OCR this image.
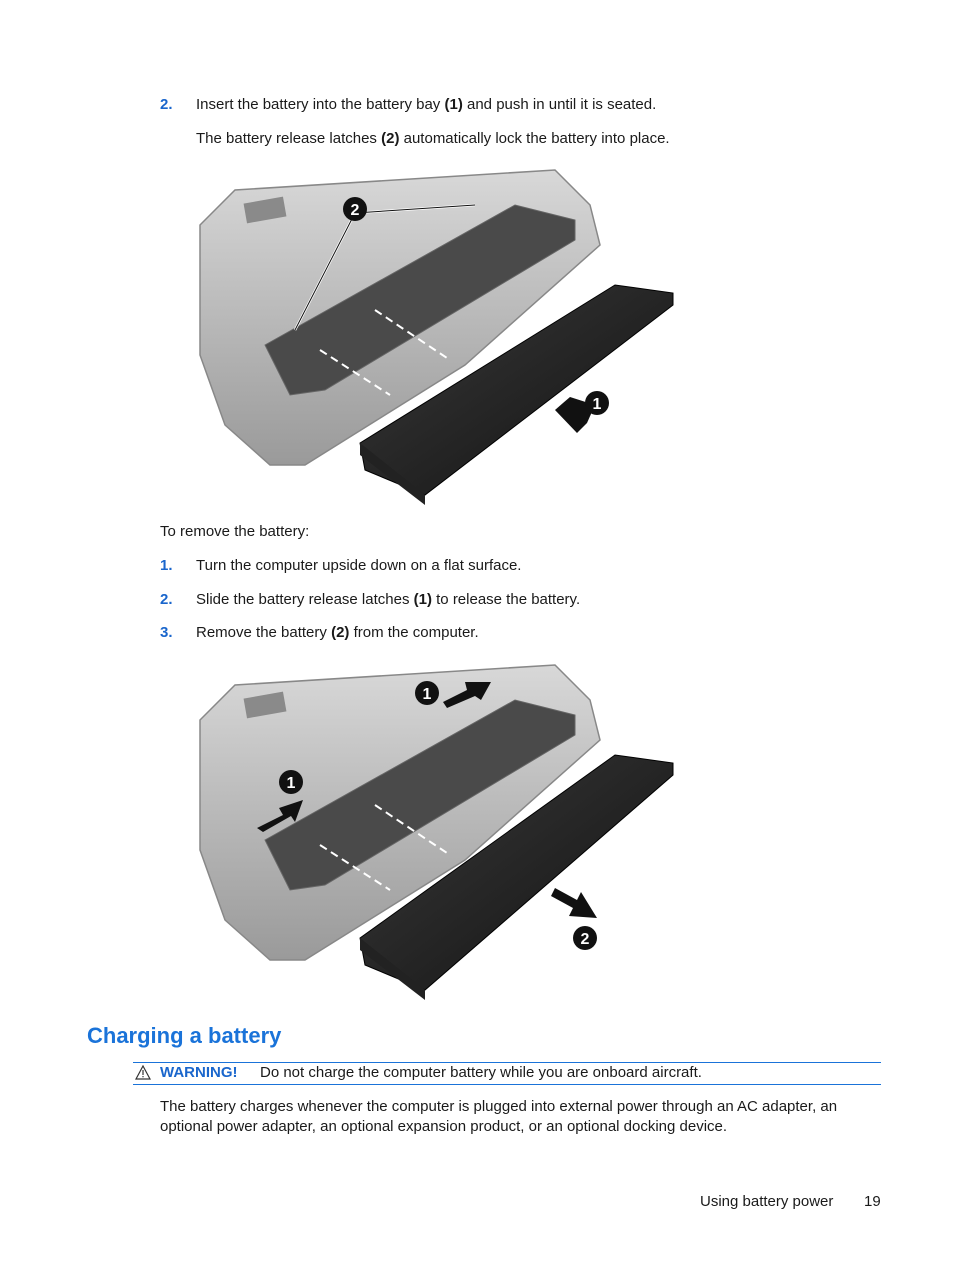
2. Insert the battery into the battery bay (1) and push in until it is seated.
The battery release latches (2) automatically lock the battery into place.
2
1
To remove the battery:
1. Turn the computer upside down on a flat surface.
2. Slide the battery release latches (1) to release the battery.
3. Remove the battery (2) from the computer.
1
1
2
Charging a battery
WARNING! Do not charge the computer battery while you are onboard aircraft.
The battery charges whenever the computer is plugged into external power through an AC adapter, an optional power adapter, an optional expansion product, or an optional docking device.
Using battery power 19
